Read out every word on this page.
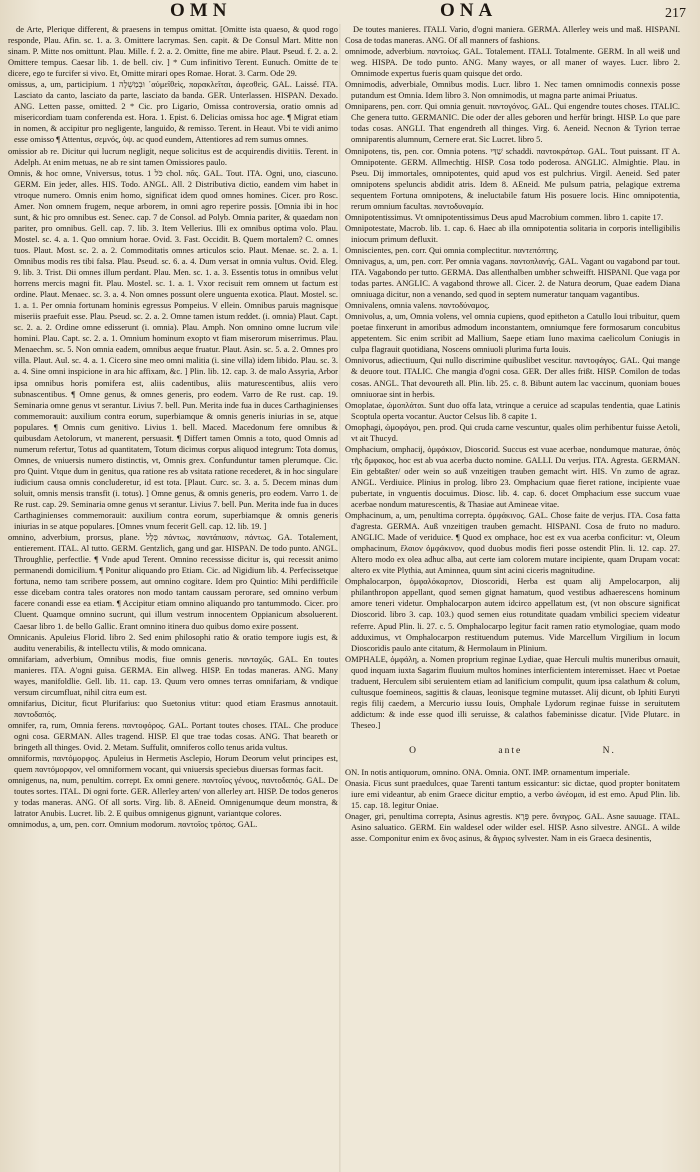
OMN	ONA	217

de Arte, Plerique different, & praesens in tempus omittat. [Omitte ista quaeso, & quod rogo responde, Plau. Afin. sc. 1. a. 3. Omittere lacrymas. Sen. capit. & De Consul Mart. Mitte non sinam. P. Mitte nos omittunt. Plau. Mille. f. 2. a. 2. Omitte, fine me abire. Plaut. Pseud. f. 2. a. 2. Omittere tempus. Caesar lib. 1. de bell. civ. ] * Cum infinitivo Terent. Eunuch. Omitte de te dicere, ego te furcifer si vivo. Et, Omitte mirari opes Romae. Horat. 3. Carm. Ode 29.

omissus, a, um, participium. 1 וּבְמַשְׁלָה ᾽αὐμεῖθεὶς, παρακλεῖται, ἀφεσθεὶς. GAL. Laissé. ITA. Lasciato da canto, lasciato da parte, lasciato da banda. GER. Unterlassen. HISPAN. Dexado. ANG. Letten passe, omitted. 2 * Cic. pro Ligario, Omissa controversia, oratio omnis ad misericordiam tuam conferenda est. Hora. 1. Epist. 6. Delicias omissa hoc age. ¶ Migrat etiam in nomen, & accipitur pro negligente, languido, & remisso. Terent. in Heaut. Vbi te vidi animo esse omisso ¶ Attentus, σεμνός, ὑψ. ac quod eundem, Attentiores ad rem sumus omnes.

omissior ab re. Dicitur qui lucrum negligit, neque solicitus est de acquirendis divitiis. Terent. in Adelph. At enim metuas, ne ab re sint tamen Omissiores paulo.

Omnis, & hoc omne, Vniversus, totus. 1 כֹּל chol. πᾶς. GAL. Tout. ITA. Ogni, uno, ciascuno. GERM. Ein jeder, alles. HIS. Todo. ANGL. All. 2 Distributiva dictio, eandem vim habet in vtroque numero. Omnis enim homo, significat idem quod omnes homines. Cicer. pro Rosc. Amer. Non omnem frugem, neque arborem, in omni agro reperire possis. [Omnia ibi in hoc sunt, & hic pro omnibus est. Senec. cap. 7 de Consol. ad Polyb. Omnia pariter, & quaedam non pariter, pro omnibus. Gell. cap. 7. lib. 3. Item Vellerius. Illi ex omnibus optima volo. Plau. Mostel. sc. 4. a. 1. Quo omnium horae. Ovid. 3. Fast. Occidit. B. Quem mortalem? C. omnes tuos. Plaut. Most. sc. 2. a. 2. Commoditatis omnes articulos scio. Plaut. Menae. sc. 2. a. 1. Omnibus modis res tibi falsa. Plau. Pseud. sc. 6. a. 4. Dum versat in omnia vultus. Ovid. Eleg. 9. lib. 3. Trist. Dii omnes illum perdant. Plau. Men. sc. 1. a. 3. Essentis totus in omnibus velut horrens mercis magni fit. Plau. Mostel. sc. 1. a. 1. Vxor recisuit rem omnem ut factum est ordine. Plaut. Menaec. sc. 3. a. 4. Non omnes possunt olere unguenta exotica. Plaut. Mostel. sc. 1. a. 1. Per omnia fortunam hominis egressus Pompeius. V ellein. Omnibus paruis magnisque miseriis praefuit esse. Plau. Pseud. sc. 2. a. 2. Omne tamen istum reddet. (i. omnia) Plaut. Capt. sc. 2. a. 2. Ordine omne edisserunt (i. omnia). Plau. Amph. Non omnino omne lucrum vile homini. Plau. Capt. sc. 2. a. 1. Omnium hominum exopto vt fiam miserorum miserrimus. Plau. Menaechm. sc. 5. Non omnia eadem, omnibus aeque fruatur. Plaut. Asin. sc. 5. a. 2. Omnes pro villa. Plaut. Aul. sc. 4. a. 1. Cicero sine meo omni malitia (i. sine villa) idem libido. Plau. sc. 3. a. 4. Sine omni inspicione in ara hic affixam, &c. ] Plin. lib. 12. cap. 3. de malo Assyria, Arbor ipsa omnibus horis pomifera est, aliis cadentibus, aliis maturescentibus, aliis vero subnascentibus. ¶ Omne genus, & omnes generis, pro eodem. Varro de Re rust. cap. 19. Seminaria omne genus vt serantur. Livius 7. bell. Pun. Merita inde fua in duces Carthaginienses commemorauit: auxilium contra eorum, superbiamque & omnis generis iniurias in se, atque populares. ¶ Omnis cum genitivo. Livius 1. bell. Maced. Macedonum fere omnibus & quibusdam Aetolorum, vt manerent, persuasit. ¶ Differt tamen Omnis a toto, quod Omnis ad numerum refertur, Totus ad quantitatem, Totum dicimus corpus aliquod integrum: Tota domus, Omnes, de vniuersis numero distinctis, vt, Omnis grex. Confunduntur tamen plerumque. Cic. pro Quint. Vtque dum in genitus, qua ratione res ab vsitata ratione recederet, & in hoc singulare iudicium causa omnis concluderetur, id est tota. [Plaut. Curc. sc. 3. a. 5. Decem minas dum soluit, omnis mensis transfit (i. totus). ] Omne genus, & omnis generis, pro eodem. Varro 1. de Re rust. cap. 29. Seminaria omne genus vt serantur. Livius 7. bell. Pun. Merita inde fua in duces Carthaginienses commemorauit: auxilium contra eorum, superbiamque & omnis generis iniurias in se atque populares. [Omnes vnum fecerit Gell. cap. 12. lib. 19. ]

omnino, adverbium, prorsus, plane. כְּלָל πάντως, παντάπασιν, πάντως. GA. Totalement, entierement. ITAL. Al tutto. GERM. Gentzlich, gang und gar. HISPAN. De todo punto. ANGL. Throughlie, perfectlie. ¶ Vnde apud Terent. Omnino recessisse dicitur is, qui recessit animo permanendi domicilium. ¶ Ponitur aliquando pro Etiam. Cic. ad Nigidium lib. 4. Perfecissetque fortuna, nemo tam scribere possem, aut omnino cogitare. Idem pro Quintio: Mihi perdifficile esse dicebam contra tales oratores non modo tantam caussam perorare, sed omnino verbum facere conandi esse ea etiam. ¶ Accipitur etiam omnino aliquando pro tantummodo. Cicer. pro Cluent. Quamque omnino sucrunt, qui illum vestrum innocentem Oppianicum absoluerent. Caesar libro 1. de bello Gallic. Erant omnino itinera duo quibus domo exire possent.

Omnicanis. Apuleius Florid. libro 2. Sed enim philosophi ratio & oratio tempore iugis est, & auditu venerabilis, & intellectu vtilis, & modo omnicana.

omnifariam, adverbium, Omnibus modis, fiue omnis generis. πανταχῶς. GAL. En toutes manieres. ITA. A'ogni guisa. GERMA. Ein allweg. HISP. En todas maneras. ANG. Many wayes, manifoldlie. Gell. lib. 11. cap. 13. Quum vero omnes terras omnifariam, & vndique versum circumfluat, nihil citra eum est.

omnifarius, Dicitur, ficut Plurifarius: quo Suetonius vtitur: quod etiam Erasmus annotauit. παντοδαπός.

omnifer, ra, rum, Omnia ferens. παντοφόρος. GAL. Portant toutes choses. ITAL. Che produce ogni cosa. GERMAN. Alles tragend. HISP. El que trae todas cosas. ANG. That beareth or bringeth all thinges. Ovid. 2. Metam. Suffulit, omniferos collo tenus arida vultus.

omniformis, παντόμορφος. Apuleius in Hermetis Asclepio, Horum Deorum velut principes est, quem παντόμορφον, vel omniformem vocant, qui vniuersis speciebus diuersas formas facit.

omnigenus, na, num, penultim. corrept. Ex omni genere. παντοῖος γένους, παντοδαπός. GAL. De toutes sortes. ITAL. Di ogni forte. GER. Allerley arten/ von allerley art. HISP. De todos generos y todas maneras. ANG. Of all sorts. Virg. lib. 8. AEneid. Omnigenumque deum monstra, & latrator Anubis. Lucret. lib. 2. E quibus omnigenus gignunt, variantque colores.

omnimodus, a, um, pen. corr. Omnium modorum. παντοῖος τρόπος. GAL.

De toutes manieres. ITALI. Vario, d'ogni maniera. GERMA. Allerley weis und maß. HISPANI. Cosa de todas maneras. ANG. Of all manners of fashions.

omnimode, adverbium. παντοίως. GAL. Totalement. ITALI. Totalmente. GERM. In all weiß und weg. HISPA. De todo punto. ANG. Many wayes, or all maner of wayes. Lucr. libro 2. Omnimode expertus fueris quam quisque det ordo.

Omnimodis, adverbiale, Omnibus modis. Lucr. libro 1. Nec tamen omnimodis connexis posse putandum est Omnia. Idem libro 3. Non omnimodis, ut magna parte animai Priuatus.

Omniparens, pen. corr. Qui omnia genuit. παντογόνος. GAL. Qui engendre toutes choses. ITALIC. Che genera tutto. GERMANIC. Die oder der alles geboren und herfür bringt. HISP. Lo que pare todas cosas. ANGLI. That engendreth all thinges. Virg. 6. Aeneid. Necnon & Tyrion terrae omniparentis alumnum, Cernere erat. Sic Lucret. libro 5.

Omnipotens, tis, pen. cor. Omnia potens. שַׁדַּי schaddi. παντοκράτωρ. GAL. Tout puissant. IT A. Omnipotente. GERM. Allmechtig. HISP. Cosa todo poderosa. ANGLIC. Almightie. Plau. in Pseu. Dij immortales, omnipotentes, quid apud vos est pulchrius. Virgil. Aeneid. Sed pater omnipotens speluncis abdidit atris. Idem 8. AEneid. Me pulsum patria, pelagique extrema sequentem Fortuna omnipotens, & ineluctabile fatum His posuere locis. Hinc omnipotentia, rerum omnium facultas. παντοδυναμία.

Omnipotentissimus. Vt omnipotentissimus Deus apud Macrobium commen. libro 1. capite 17.

Omnipotestate, Macrob. lib. 1. cap. 6. Haec ab illa omnipotentia solitaria in corporis intelligibilis iniocum primum defluxit.

Omniscientes, pen. corr. Qui omnia complectitur. παντεπόπτης.

Omnivagus, a, um, pen. corr. Per omnia vagans. παντοπλανής. GAL. Vagant ou vagabond par tout. ITA. Vagabondo per tutto. GERMA. Das allenthalben umbher schweifft. HISPANI. Que vaga por todas partes. ANGLIC. A vagabond throwe all. Cicer. 2. de Natura deorum, Quae eadem Diana omniuaga dicitur, non a venando, sed quod in septem numeratur tanquam vagantibus.

Omnivalens, omnia valens. παντοδύναμος.

Omnivolus, a, um, Omnia volens, vel omnia cupiens, quod epitheton a Catullo Ioui tribuitur, quem poetae finxerunt in amoribus admodum inconstantem, omniumque fere formosarum concubitus appetentem. Sic enim scribit ad Mallium, Saepe etiam Iuno maxima caelicolum Coniugis in culpa flagrauit quotidiana, Noscens omniuoli plurima furta Iouis.

Omnivorus, adiectiuum, Qui nullo discrimine quibuslibet vescitur. παντοφάγος. GAL. Qui mange & deuore tout. ITALIC. Che mangia d'ogni cosa. GER. Der alles frißt. HISP. Comilon de todas cosas. ANGL. That devoureth all. Plin. lib. 25. c. 8. Bibunt autem lac vaccinum, quoniam boues omniuorae sint in herbis.

Omoplatae, ὠμοπλάται. Sunt duo offa lata, vtrinque a ceruice ad scapulas tendentia, quae Latinis Scoptula operta vocantur. Auctor Celsus lib. 8 capite 1.

Omophagi, ὠμοφάγοι, pen. prod. Qui cruda carne vescuntur, quales olim perhibentur fuisse Aetoli, vt ait Thucyd.

Omphacium, omphacij, ὀμφάκιον, Dioscorid. Succus est vuae acerbae, nondumque maturae, ὀπὸς τῆς ὄμφακος, hoc est ab vua acerba ducto nomine. GALLI. Du verjus. ITA. Agresta. GERMAN. Ein gebtaßter/ oder wein so auß vnzeitigen trauben gemacht wirt. HIS. Vn zumo de agraz. ANGL. Verdiuice. Plinius in prolog. libro 23. Omphacium quae fieret ratione, incipiente vuae pubertate, in vnguentis docuimus. Diosc. lib. 4. cap. 6. docet Omphacium esse succum vuae acerbae nondum maturescentis, & Thasiae aut Amineae vitae.

Omphacinum, a, um, penultima correpta. ὀμφάκινος. GAL. Chose faite de verjus. ITA. Cosa fatta d'agresta. GERMA. Auß vnzeitigen trauben gemacht. HISPANI. Cosa de fruto no maduro. ANGLIC. Made of veriduice. ¶ Quod ex omphace, hoc est ex vua acerba conficitur: vt, Oleum omphacinum, ἔλαιον ὀμφάκινον, quod duobus modis fieri posse ostendit Plin. li. 12. cap. 27. Altero modo ex olea adhuc alba, aut certe iam colorem mutare incipiente, quam Drupam vocat: altero ex vite Plythia, aut Aminnea, quum sint acini ciceris magnitudine.

Omphalocarpon, ὀμφαλόκαρπον, Dioscoridi, Herba est quam alij Ampelocarpon, alij philanthropon appellant, quod semen gignat hamatum, quod vestibus adhaerescens hominum amore teneri videtur. Omphalocarpon autem idcirco appellatum est, (vt non obscure significat Dioscorid. libro 3. cap. 103.) quod semen eius rotunditate quadam vmbilici speciem videatur referre. Apud Plin. li. 27. c. 5. Omphalocarpo legitur facit ramen ratio etymologiae, quam modo adduximus, vt Omphalocarpon restituendum putemus. Vide Marcellum Virgilium in locum Dioscoridis paulo ante citatum, & Hermolaum in Plinium.

OMPHALE, ὀμφάλη, a. Nomen proprium reginae Lydiae, quae Herculi multis muneribus ornauit, quod inquam iuxta Sagarim fluuium multos homines interficientem interemisset. Haec vt Poetae traduent, Herculem sibi seruientem etiam ad lanificium compulit, quum ipsa calathum & colum, cultusque foemineos, sagittis & clauas, leonisque tegmine mutasset. Alij dicunt, ob Iphiti Euryti regis filij caedem, a Mercurio iussu Iouis, Omphale Lydorum reginae fuisse in seruitutem addictum: & inde esse quod illi seruisse, & calathos fabeminisse dicatur. [Vide Plutarc. in Theseo.]

O	ante	N.

ON. In notis antiquorum, omnino. ONA. Omnia. ONT. IMP. ornamentum imperiale.

Onasia. Ficus sunt praedulces, quae Tarenti tantum essicantur: sic dictae, quod propter bonitatem iure emi videantur, ab enim Graece dicitur emptio, a verbo ὠνέομαι, id est emo. Apud Plin. lib. 15. cap. 18. legitur Oniae.

Onager, gri, penultima correpta, Asinus agrestis. פֶּרֶא pere. ὄναγρος. GAL. Asne sauuage. ITAL. Asino saluatico. GERM. Ein waldesel oder wilder esel. HISP. Asno silvestre. ANGL. A wilde asse. Componitur enim ex ὄνος asinus, & ἄγριος sylvester. Nam in eis Graeca desinentis,
